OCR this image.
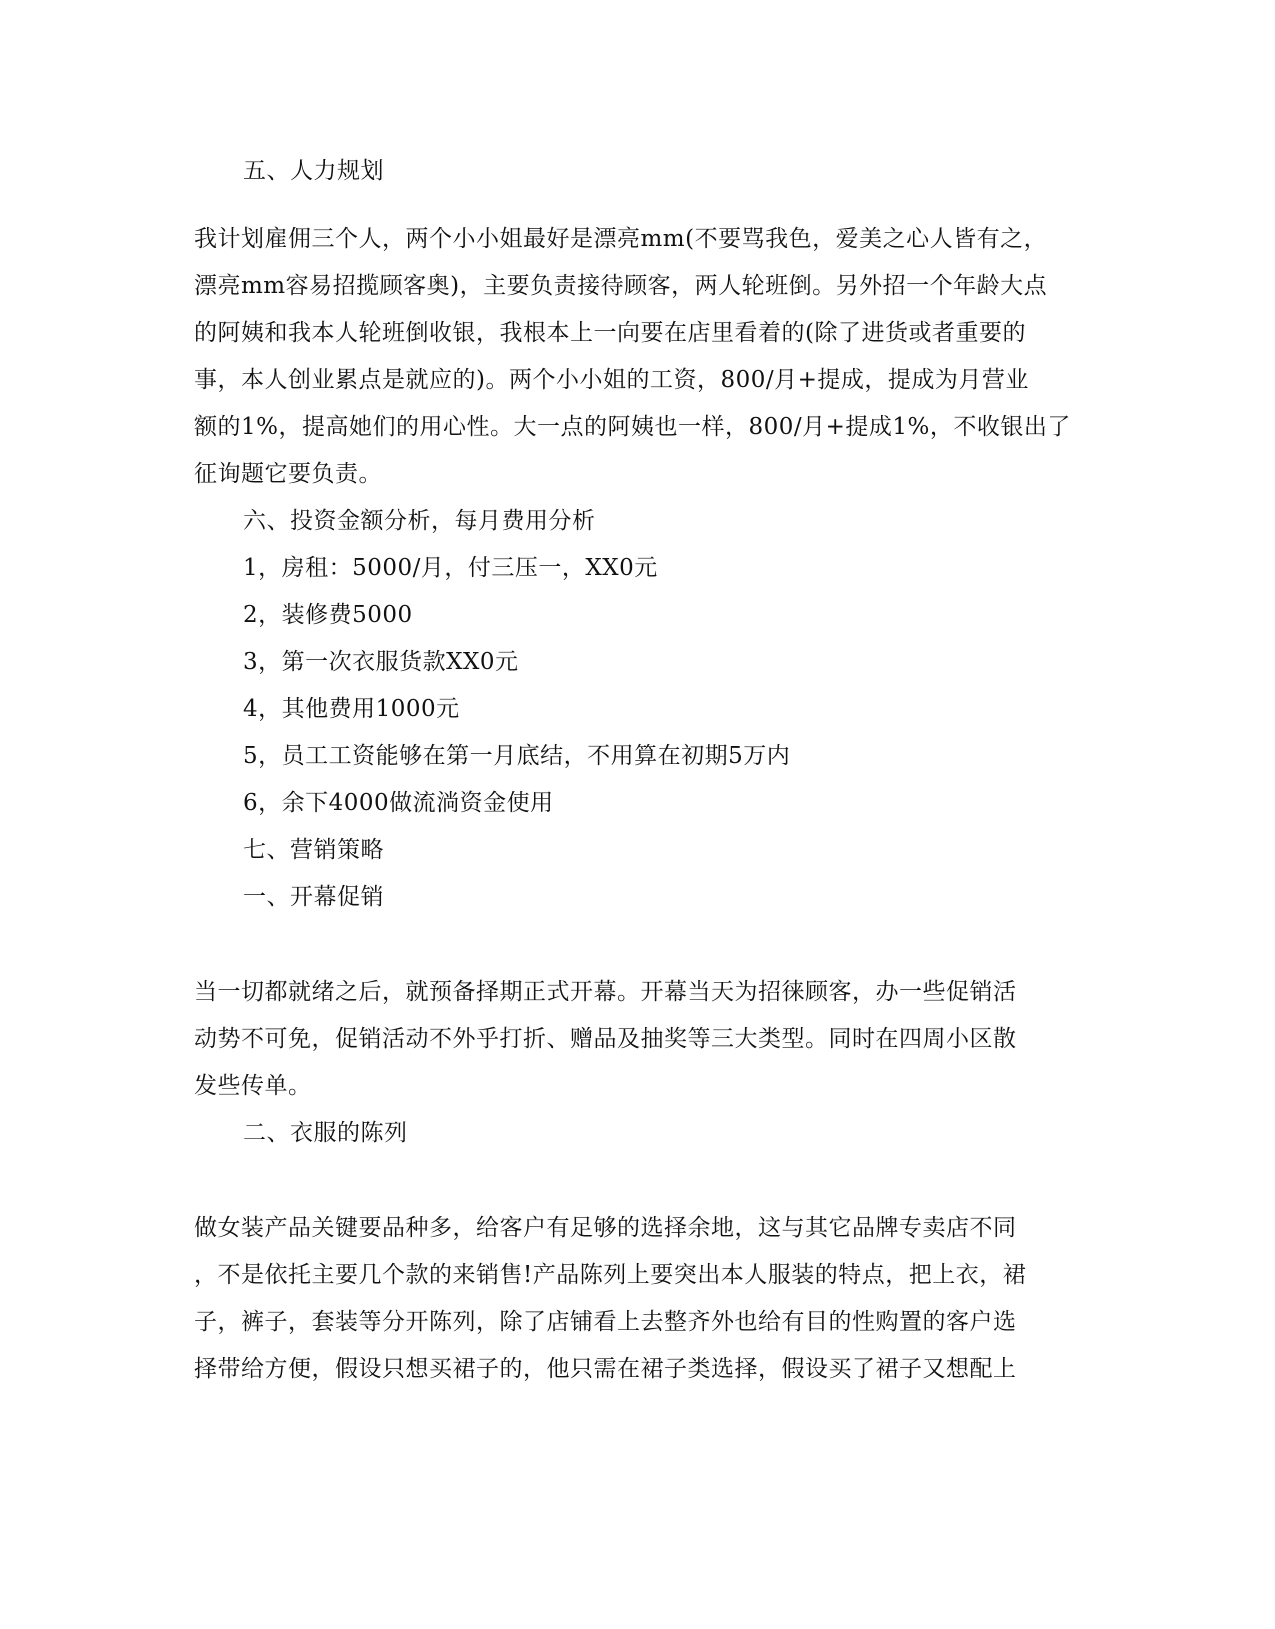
五、人力规划
我计划雇佣三个人，两个小小姐最好是漂亮mm(不要骂我色，爱美之心人皆有之，
漂亮mm容易招揽顾客奥)，主要负责接待顾客，两人轮班倒。另外招一个年龄大点
的阿姨和我本人轮班倒收银，我根本上一向要在店里看着的(除了进货或者重要的
事，本人创业累点是就应的)。两个小小姐的工资，800/月+提成，提成为月营业
额的1%，提高她们的用心性。大一点的阿姨也一样，800/月+提成1%，不收银出了
征询题它要负责。
六、投资金额分析，每月费用分析
1，房租：5000/月，付三压一，XX0元
2，装修费5000
3，第一次衣服货款XX0元
4，其他费用1000元
5，员工工资能够在第一月底结，不用算在初期5万内
6，余下4000做流淌资金使用
七、营销策略
一、开幕促销
当一切都就绪之后，就预备择期正式开幕。开幕当天为招徕顾客，办一些促销活
动势不可免，促销活动不外乎打折、赠品及抽奖等三大类型。同时在四周小区散
发些传单。
二、衣服的陈列
做女装产品关键要品种多，给客户有足够的选择余地，这与其它品牌专卖店不同
，不是依托主要几个款的来销售!产品陈列上要突出本人服装的特点，把上衣，裙
子，裤子，套装等分开陈列，除了店铺看上去整齐外也给有目的性购置的客户选
择带给方便，假设只想买裙子的，他只需在裙子类选择，假设买了裙子又想配上
